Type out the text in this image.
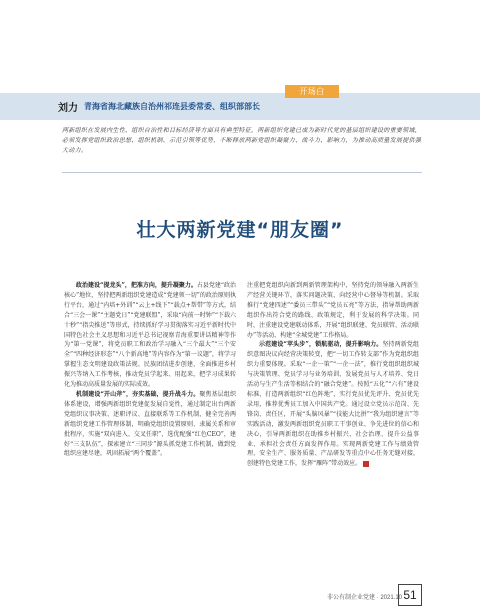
开场白
刘力 青海省海北藏族自治州祁连县委常委、组织部部长
两新组织在发展内生性、组织自治性和目标经济导方面具有典型特征，两新组织党建已成为新时代党的基层组织建设的重要领域，必须发挥党组织政治思想、组织机制、示范引领等优势，不断释放两新党组织凝聚力、战斗力、影响力，为推动高质量发展提供强大动力。
壮大两新党建“朋友圈”

政治建设“提龙头”，把准方向，提升凝聚力。占县党建“政治核心”地位，坚持把两新组织党建造成“党建领一切”的政治原则执行平台，通过“内培+外训”“云上+线下”“载点+帮带”等方式，结合“三会一课”“主题党日”“党建联盟”，采取“向前一时钟”“下载六十秒”“指尖推送”等形式，持续抓好学习贯彻落实习近平新时代中国特色社会主义思想和习近平总书记视察青海重要讲话精神等作为“第一党课”，将党员职工和政治学习融入“三个最大”“三个安全”“四种经济形态”“八个新高地”等内容作为“第一议题”，将学习掌握生态文明建设政策法规、民族团结进步创建、全面推进乡村振兴等纳入工作考核，推动党员学起来、用起来，把学习成果转化为推动高质量发展的实际成效。

机制建设“开山斧”，夯实基础，提升战斗力。聚焦基层组织体系建设，增强两新组织党建促发展自觉性，通过制定出台两新党组织议事决策、述职评议、直接联系等工作机制，健全完善两新组织党建工作管理体制，明确党组织设置原则、隶属关系和审批程序，实施“双向进入、交叉任职”，选优配强“红色CEO”，建好“三支队伍”，探索建立“三同步”源头抓党建工作机制，做到党组织应建尽建，巩固拓展“两个覆盖”。

注重把党组织向新到两新管理架构中，坚持党的领导融入两新生产经营关键环节，落实问题决策、向经营中心督导等机制。采取推行“党建四述”“委员三带头”“党员五亮”等方法，指导帮助两新组织作出符合党的路线、政策规定，利于发展的科学决策。同时，注重建设党建联动体系，开展“组织联建、党员联管、活动联办”等活动，构建“全城党建”工作格局。

示范建设“苹头步”，锁航驱动，提升影响力。坚持两新党组织意图决议向经营决策转变，把“一切工作转支部”作为党组织组织力重要体现。采取“一企一策”“一企一法”，推行党组织组织城与决策管理、党员学习与业务培训、发展党员与人才培养、党日活动与生产生活等相结合的“融合党建”。按照“五化”“六有”建设标准，打造两新组织“红色阵地”，实行党员优先评升、党员优先录用，推荐优秀员工加入中国共产党。通过设立党员示范岗、先锋岗、责任区，开展“头脑风暴”“技能大比拼”“我为组织建言”等实践活动，激发两新组织党员职工干事创业、争先进位的信心和决心，引导两新组织在助推乡村振兴、社会治理、提升公益事业、承担社会责任方面发挥作用。实现两新党建工作与绩效管理、安全生产、服务质量、产品研发等重点中心任务无缝对接，创建特色党建工作，发挥“雁阵”带动效应。

非公有制企业党建 · 2021.10 51
